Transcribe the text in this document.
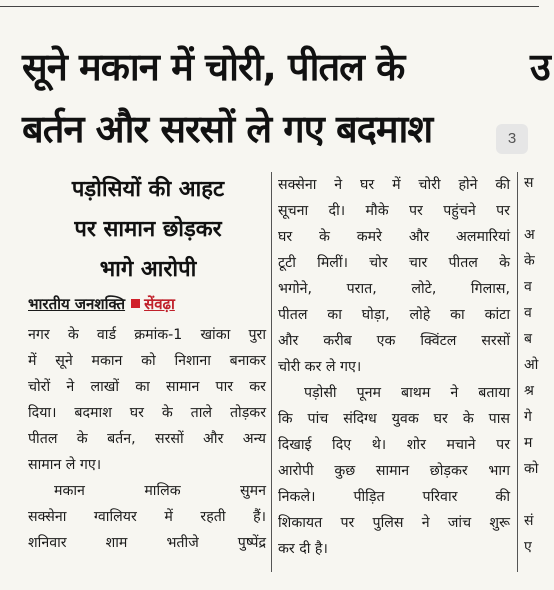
सूने मकान में चोरी, पीतल के
बर्तन और सरसों ले गए बदमाश
उ
3
पड़ोसियों की आहट
पर सामान छोड़कर
भागे आरोपी
भारतीय जनशक्ति सेंवढ़ा
नगर के वार्ड क्रमांक-1 खांका पुरा
में सूने मकान को निशाना बनाकर
चोरों ने लाखों का सामान पार कर
दिया। बदमाश घर के ताले तोड़कर
पीतल के बर्तन, सरसों और अन्य
सामान ले गए।
मकान मालिक सुमन
सक्सेना ग्वालियर में रहती हैं।
शनिवार शाम भतीजे पुष्पेंद्र
सक्सेना ने घर में चोरी होने की
सूचना दी। मौके पर पहुंचने पर
घर के कमरे और अलमारियां
टूटी मिलीं। चोर चार पीतल के
भगोने, परात, लोटे, गिलास,
पीतल का घोड़ा, लोहे का कांटा
और करीब एक क्विंटल सरसों
चोरी कर ले गए।
पड़ोसी पूनम बाथम ने बताया
कि पांच संदिग्ध युवक घर के पास
दिखाई दिए थे। शोर मचाने पर
आरोपी कुछ सामान छोड़कर भाग
निकले। पीड़ित परिवार की
शिकायत पर पुलिस ने जांच शुरू
कर दी है।
स
अ
के
व
व
ब
ओ
श्र
गे
म
को
सं
ए
